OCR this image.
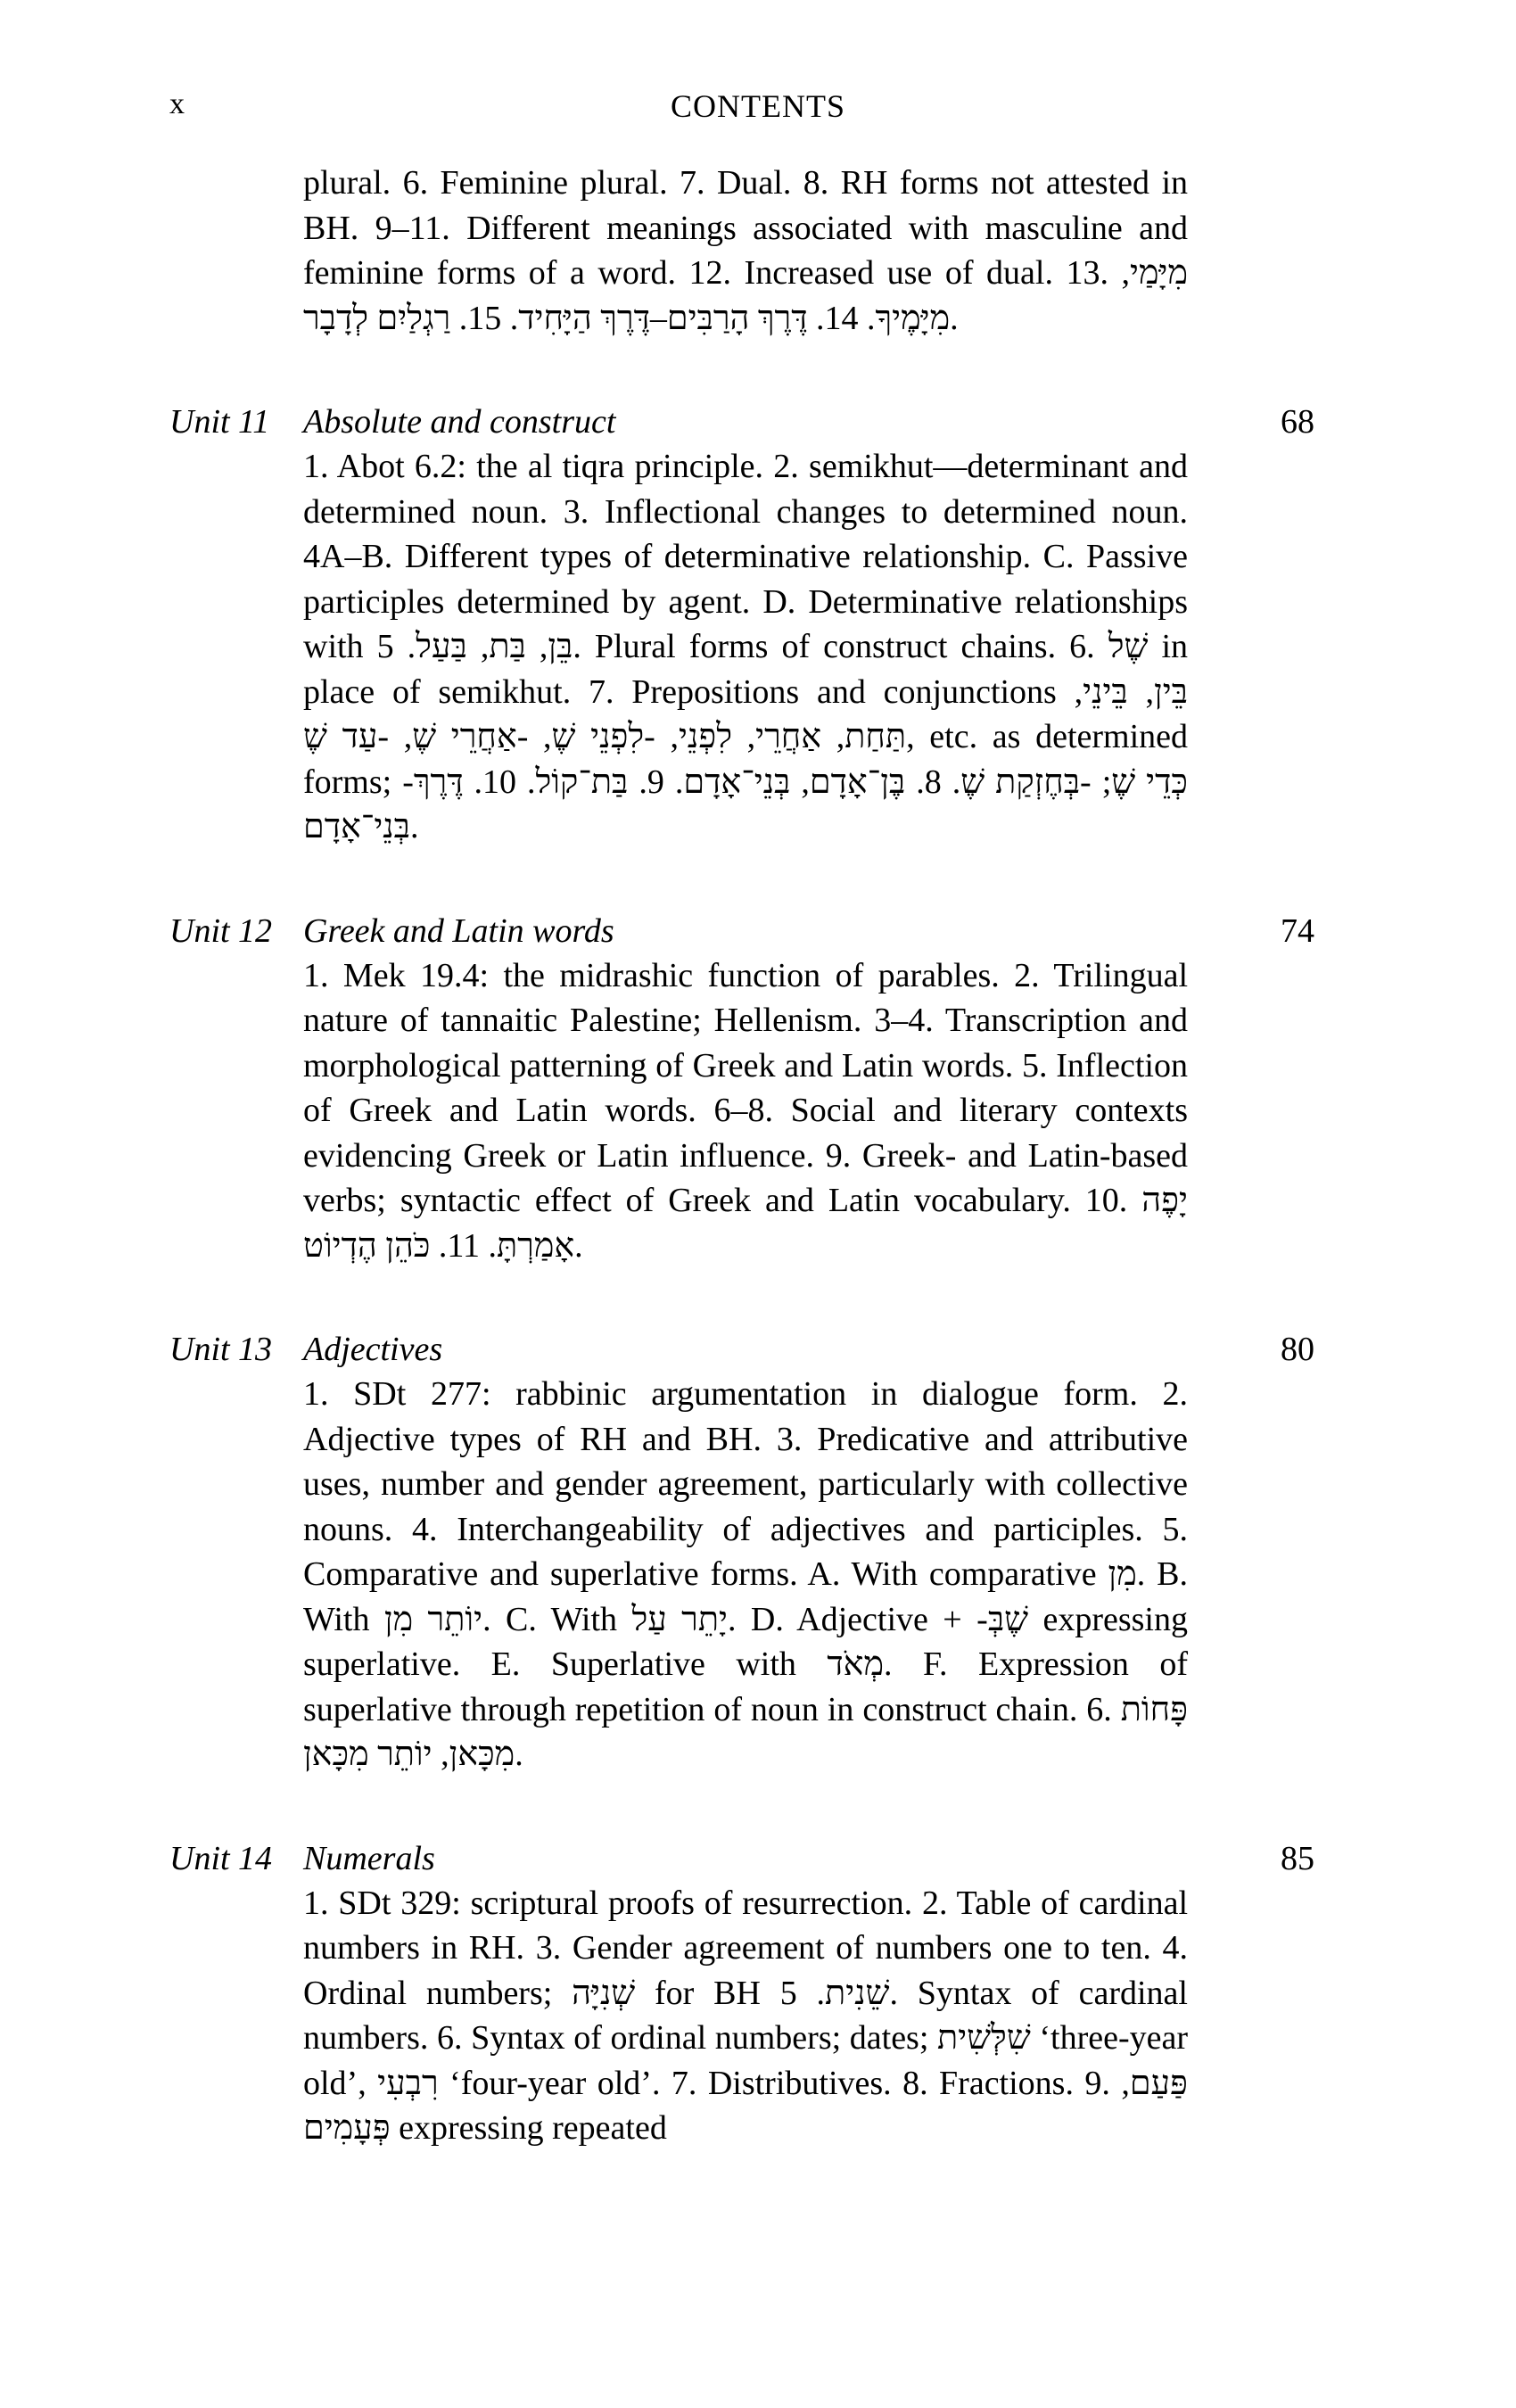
x	CONTENTS

plural. 6. Feminine plural. 7. Dual. 8. RH forms not attested in BH. 9–11. Different meanings associated with masculine and feminine forms of a word. 12. Increased use of dual. 13. מִיָּמַי, מִיָּמֶיךָ. 14. דֶּרֶךְ הָרַבִּים–דֶּרֶךְ הַיָּחִיד. 15. רַגְלַיִם לְדָבָר.

Unit 11 Absolute and construct	68

1. Abot 6.2: the al tiqra principle. 2. semikhut—determinant and determined noun. 3. Inflectional changes to determined noun. 4A–B. Different types of determinative relationship. C. Passive participles determined by agent. D. Determinative relationships with בֵּן, בַּת, בַּעַל. 5. Plural forms of construct chains. 6. שֶׁל in place of semikhut. 7. Prepositions and conjunctions בֵּין, בֵּינֵי, תַּחַת, אַחֲרֵי, לִפְנֵי, -לִפְנֵי שֶׁ, -אַחֲרֵי שֶׁ, -עַד שֶׁ, etc. as determined forms; -כְּדֵי שֶׁ; -בְּחֶזְקַת שֶׁ. 8. בֶּן־אָדָם, בְּנֵי־אָדָם. 9. בַּת־קוֹל. 10. דֶּרֶךְ בְּנֵי־אָדָם.

Unit 12 Greek and Latin words	74

1. Mek 19.4: the midrashic function of parables. 2. Trilingual nature of tannaitic Palestine; Hellenism. 3–4. Transcription and morphological patterning of Greek and Latin words. 5. Inflection of Greek and Latin words. 6–8. Social and literary contexts evidencing Greek or Latin influence. 9. Greek- and Latin-based verbs; syntactic effect of Greek and Latin vocabulary. 10. יָפֶה אָמַרְתָּ. 11. כֹּהֵן הֶדְיוֹט.

Unit 13 Adjectives	80

1. SDt 277: rabbinic argumentation in dialogue form. 2. Adjective types of RH and BH. 3. Predicative and attributive uses, number and gender agreement, particularly with collective nouns. 4. Interchangeability of adjectives and participles. 5. Comparative and superlative forms. A. With comparative מִן. B. With יוֹתֵר מִן. C. With יָתֵר עַל. D. Adjective + -שֶׁבְּ expressing superlative. E. Superlative with מְאֹד. F. Expression of superlative through repetition of noun in construct chain. 6. פָּחוֹת מִכָּאן, יוֹתֵר מִכָּאן.

Unit 14 Numerals	85

1. SDt 329: scriptural proofs of resurrection. 2. Table of cardinal numbers in RH. 3. Gender agreement of numbers one to ten. 4. Ordinal numbers; שְׁנִיָּה for BH שֵׁנִית. 5. Syntax of cardinal numbers. 6. Syntax of ordinal numbers; dates; שִׁלְּשִׁית ‘three-year old’, רִבְעִי ‘four-year old’. 7. Distributives. 8. Fractions. 9. פַּעַם, פְּעָמִים expressing repeated
